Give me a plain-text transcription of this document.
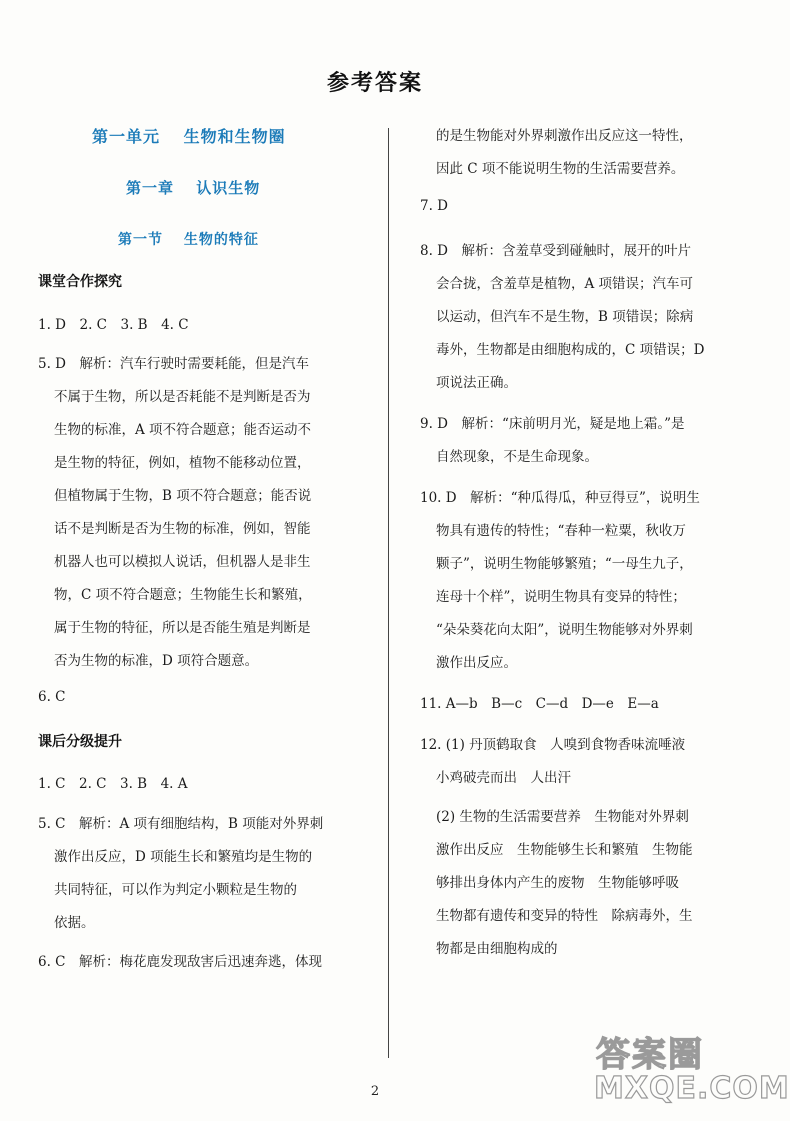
参考答案
第一单元　 生物和生物圈
第一章　 认识生物
第一节　 生物的特征
课堂合作探究
1. D　2. C　3. B　4. C
5. D　解析：汽车行驶时需要耗能，但是汽车
不属于生物，所以是否耗能不是判断是否为
生物的标准，A 项不符合题意；能否运动不
是生物的特征，例如，植物不能移动位置，
但植物属于生物，B 项不符合题意；能否说
话不是判断是否为生物的标准，例如，智能
机器人也可以模拟人说话，但机器人是非生
物，C 项不符合题意；生物能生长和繁殖，
属于生物的特征，所以是否能生殖是判断是
否为生物的标准，D 项符合题意。
6. C
课后分级提升
1. C　2. C　3. B　4. A
5. C　解析：A 项有细胞结构，B 项能对外界刺
激作出反应，D 项能生长和繁殖均是生物的
共同特征，可以作为判定小颗粒是生物的
依据。
6. C　解析：梅花鹿发现敌害后迅速奔逃，体现
的是生物能对外界刺激作出反应这一特性，
因此 C 项不能说明生物的生活需要营养。
7. D
8. D　解析：含羞草受到碰触时，展开的叶片
会合拢，含羞草是植物，A 项错误；汽车可
以运动，但汽车不是生物，B 项错误；除病
毒外，生物都是由细胞构成的，C 项错误；D
项说法正确。
9. D　解析：“床前明月光，疑是地上霜。”是
自然现象，不是生命现象。
10. D　解析：“种瓜得瓜，种豆得豆”，说明生
物具有遗传的特性；“春种一粒粟，秋收万
颗子”，说明生物能够繁殖；“一母生九子，
连母十个样”，说明生物具有变异的特性；
“朵朵葵花向太阳”，说明生物能够对外界刺
激作出反应。
11. A—b　B—c　C—d　D—e　E—a
12. (1) 丹顶鹤取食　人嗅到食物香味流唾液
小鸡破壳而出　人出汗
(2) 生物的生活需要营养　生物能对外界刺
激作出反应　生物能够生长和繁殖　生物能
够排出身体内产生的废物　生物能够呼吸
生物都有遗传和变异的特性　除病毒外，生
物都是由细胞构成的
2
答案圈
MXQE.COM
